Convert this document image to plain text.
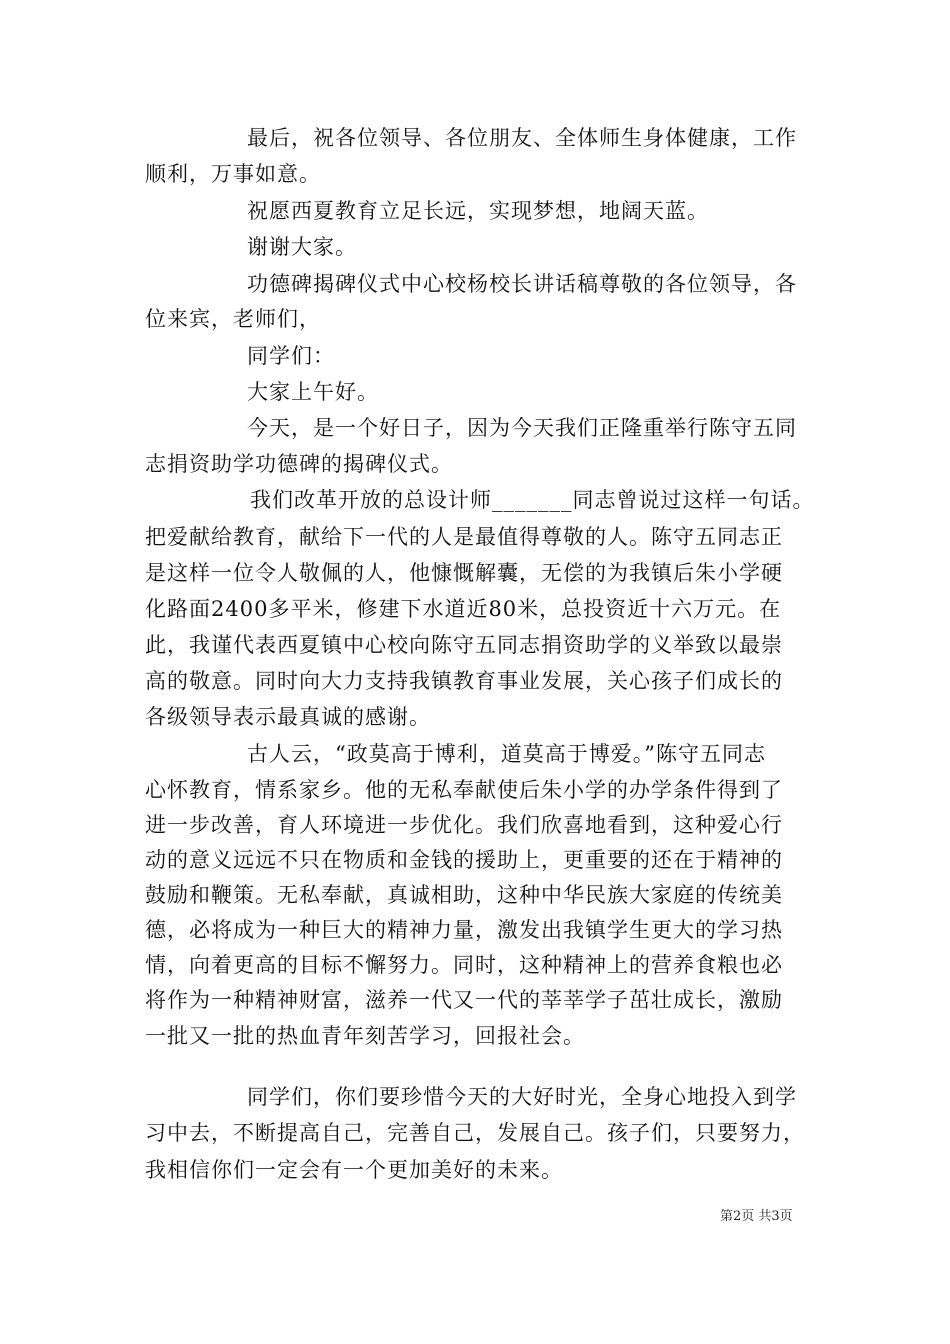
最后，祝各位领导、各位朋友、全体师生身体健康，工作
顺利，万事如意。
祝愿西夏教育立足长远，实现梦想，地阔天蓝。
谢谢大家。
功德碑揭碑仪式中心校杨校长讲话稿尊敬的各位领导，各
位来宾，老师们，
同学们：
大家上午好。
今天，是一个好日子，因为今天我们正隆重举行陈守五同
志捐资助学功德碑的揭碑仪式。
我们改革开放的总设计师_______同志曾说过这样一句话。
把爱献给教育，献给下一代的人是最值得尊敬的人。陈守五同志正
是这样一位令人敬佩的人，他慷慨解囊，无偿的为我镇后朱小学硬
化路面2400多平米，修建下水道近80米，总投资近十六万元。在
此，我谨代表西夏镇中心校向陈守五同志捐资助学的义举致以最崇
高的敬意。同时向大力支持我镇教育事业发展，关心孩子们成长的
各级领导表示最真诚的感谢。
古人云，“政莫高于博利，道莫高于博爱。”陈守五同志
心怀教育，情系家乡。他的无私奉献使后朱小学的办学条件得到了
进一步改善，育人环境进一步优化。我们欣喜地看到，这种爱心行
动的意义远远不只在物质和金钱的援助上，更重要的还在于精神的
鼓励和鞭策。无私奉献，真诚相助，这种中华民族大家庭的传统美
德，必将成为一种巨大的精神力量，激发出我镇学生更大的学习热
情，向着更高的目标不懈努力。同时，这种精神上的营养食粮也必
将作为一种精神财富，滋养一代又一代的莘莘学子茁壮成长，激励
一批又一批的热血青年刻苦学习，回报社会。
同学们，你们要珍惜今天的大好时光，全身心地投入到学
习中去，不断提高自己，完善自己，发展自己。孩子们，只要努力，
我相信你们一定会有一个更加美好的未来。
第2页 共3页
